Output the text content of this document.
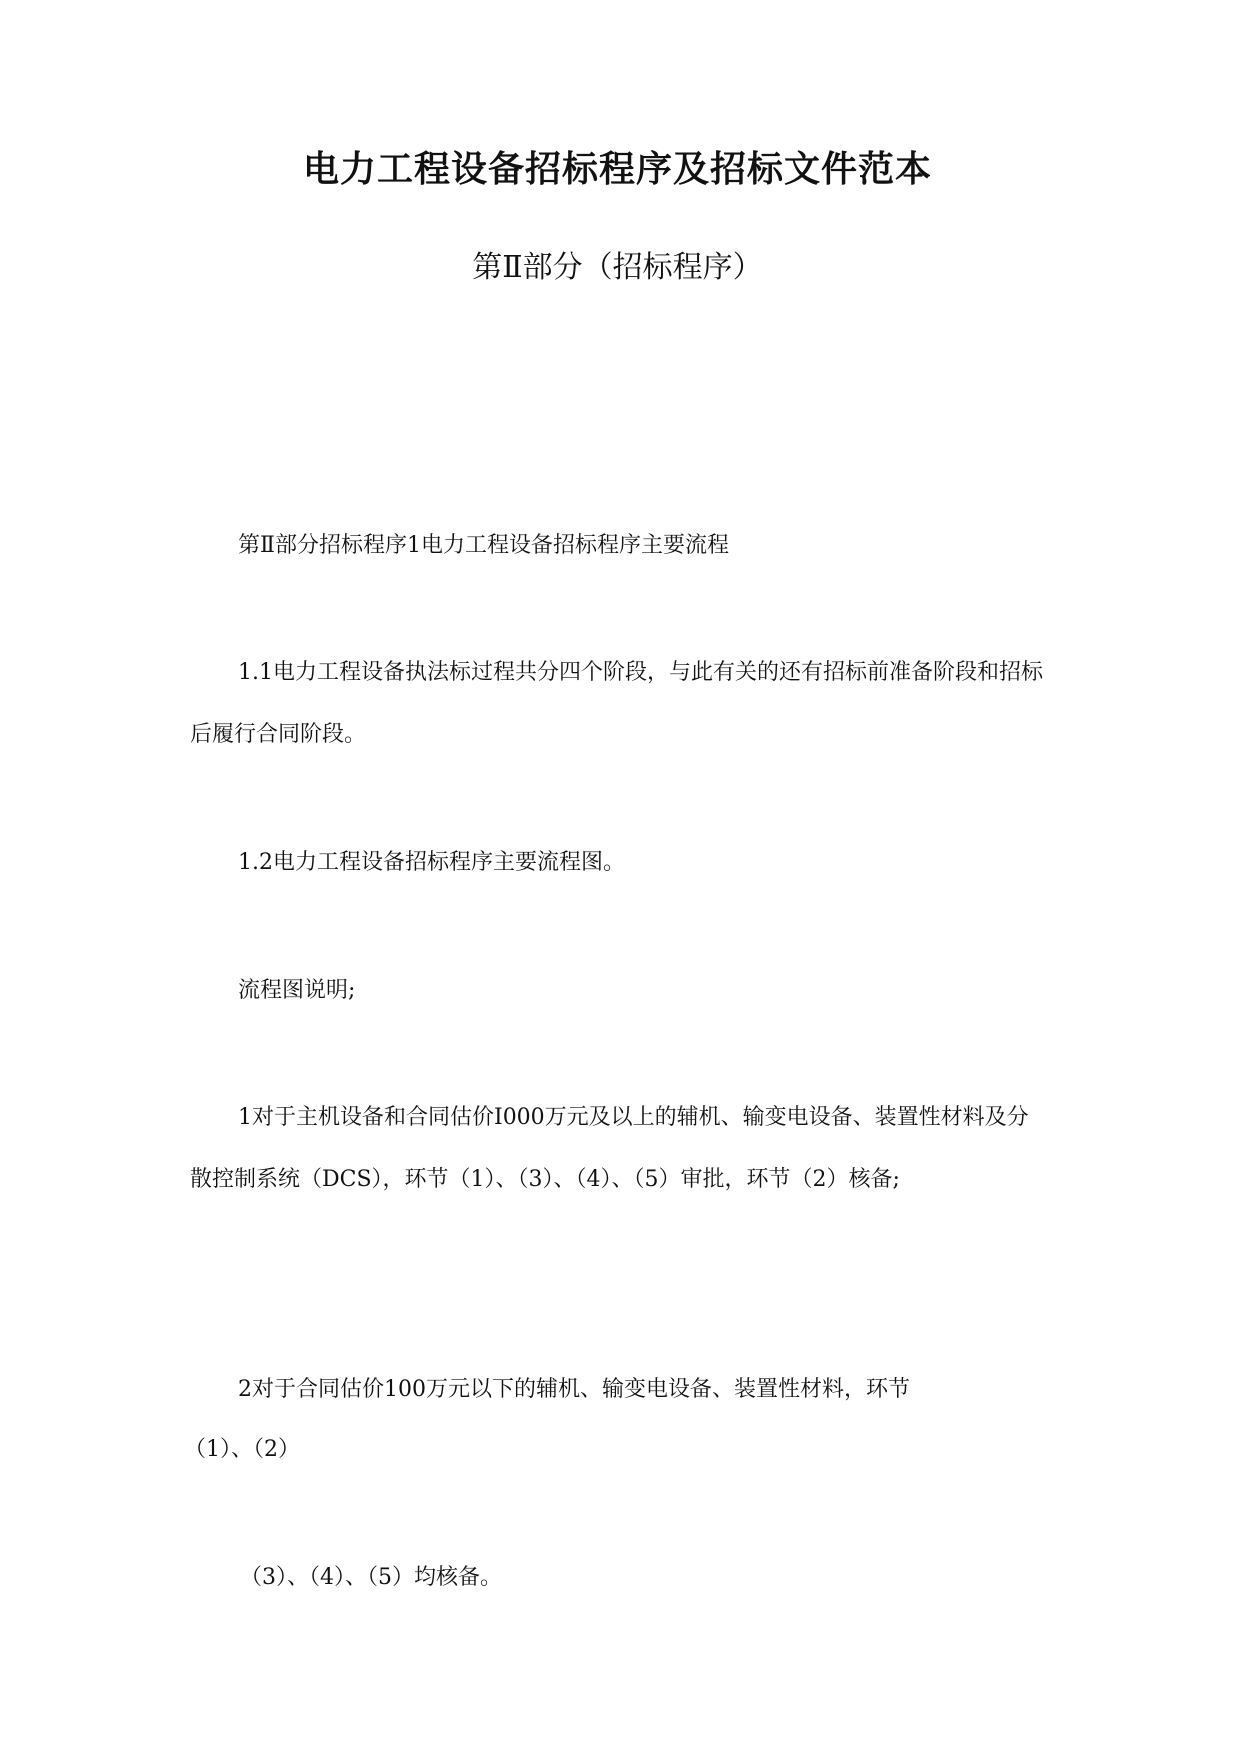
电力工程设备招标程序及招标文件范本
第Ⅱ部分（招标程序）

第Ⅱ部分招标程序1电力工程设备招标程序主要流程

1.1电力工程设备执法标过程共分四个阶段，与此有关的还有招标前准备阶段和招标后履行合同阶段。

1.2电力工程设备招标程序主要流程图。

流程图说明;

1对于主机设备和合同估价I000万元及以上的辅机、输变电设备、装置性材料及分散控制系统（DCS），环节（1）、（3）、（4）、（5）审批，环节（2）核备;

2对于合同估价100万元以下的辅机、输变电设备、装置性材料，环节
（1）、（2）
（3）、（4）、（5）均核备。
